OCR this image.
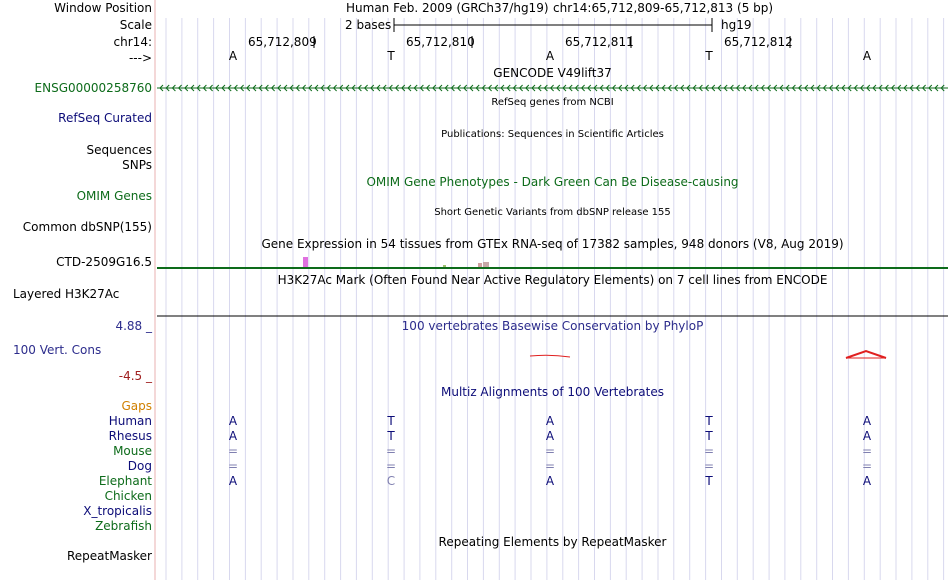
Window Position
Scale
chr14:
--->
Human Feb. 2009 (GRCh37/hg19) chr14:65,712,809-65,712,813 (5 bp)
2 bases	hg19
65,712,809	65,712,810	65,712,811	65,712,812
A	T	A	T	A
GENCODE V49lift37
ENSG00000258760
RefSeq genes from NCBI
RefSeq Curated
Publications: Sequences in Scientific Articles
Sequences
SNPs
OMIM Gene Phenotypes - Dark Green Can Be Disease-causing
OMIM Genes
Short Genetic Variants from dbSNP release 155
Common dbSNP(155)
Gene Expression in 54 tissues from GTEx RNA-seq of 17382 samples, 948 donors (V8, Aug 2019)
CTD-2509G16.5
H3K27Ac Mark (Often Found Near Active Regulatory Elements) on 7 cell lines from ENCODE
Layered H3K27Ac
100 vertebrates Basewise Conservation by PhyloP
4.88 _
100 Vert. Cons
-4.5 _
Multiz Alignments of 100 Vertebrates
Gaps
Human	A	T	A	T	A
Rhesus	A	T	A	T	A
Mouse	=	=	=	=	=
Dog	=	=	=	=	=
Elephant	A	C	A	T	A
Chicken
X_tropicalis
Zebrafish
Repeating Elements by RepeatMasker
RepeatMasker
